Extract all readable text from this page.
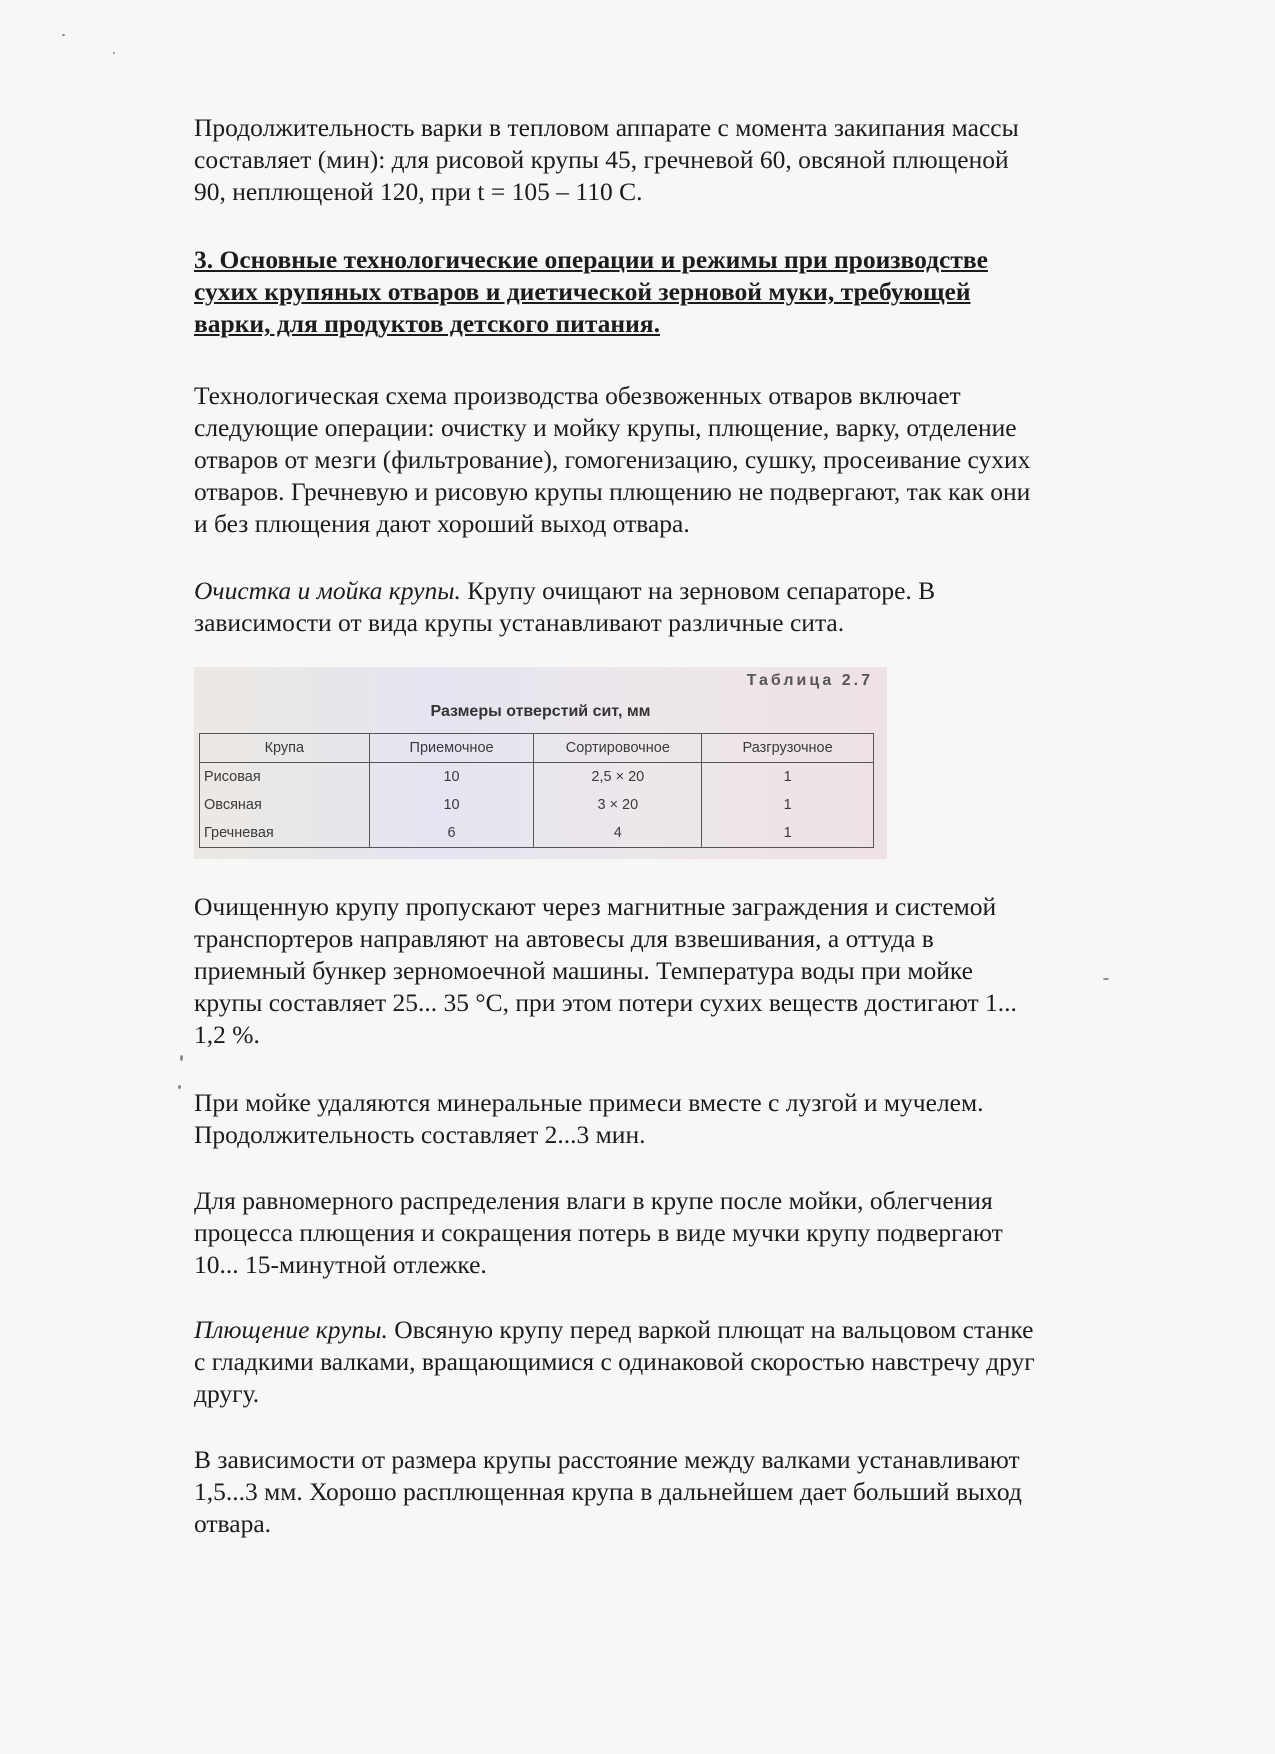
Продолжительность варки в тепловом аппарате с момента закипания массы
составляет (мин): для рисовой крупы 45, гречневой 60, овсяной плющеной
90, неплющеной 120, при t = 105 – 110 С.
3. Основные технологические операции и режимы при производстве
сухих крупяных отваров и диетической зерновой муки, требующей
варки, для продуктов детского питания.
Технологическая схема производства обезвоженных отваров включает
следующие операции: очистку и мойку крупы, плющение, варку, отделение
отваров от мезги (фильтрование), гомогенизацию, сушку, просеивание сухих
отваров. Гречневую и рисовую крупы плющению не подвергают, так как они
и без плющения дают хороший выход отвара.
Очистка и мойка крупы. Крупу очищают на зерновом сепараторе. В
зависимости от вида крупы устанавливают различные сита.
Таблица 2.7
Размеры отверстий сит, мм
Крупа	Приемочное	Сортировочное	Разгрузочное
Рисовая	10	2,5 × 20	1
Овсяная	10	3 × 20	1
Гречневая	6	4	1
Очищенную крупу пропускают через магнитные заграждения и системой
транспортеров направляют на автовесы для взвешивания, а оттуда в
приемный бункер зерномоечной машины. Температура воды при мойке
крупы составляет 25... 35 °С, при этом потери сухих веществ достигают 1...
1,2 %.
При мойке удаляются минеральные примеси вместе с лузгой и мучелем.
Продолжительность составляет 2...3 мин.
Для равномерного распределения влаги в крупе после мойки, облегчения
процесса плющения и сокращения потерь в виде мучки крупу подвергают
10... 15-минутной отлежке.
Плющение крупы. Овсяную крупу перед варкой плющат на вальцовом станке
с гладкими валками, вращающимися с одинаковой скоростью навстречу друг
другу.
В зависимости от размера крупы расстояние между валками устанавливают
1,5...3 мм. Хорошо расплющенная крупа в дальнейшем дает больший выход
отвара.
